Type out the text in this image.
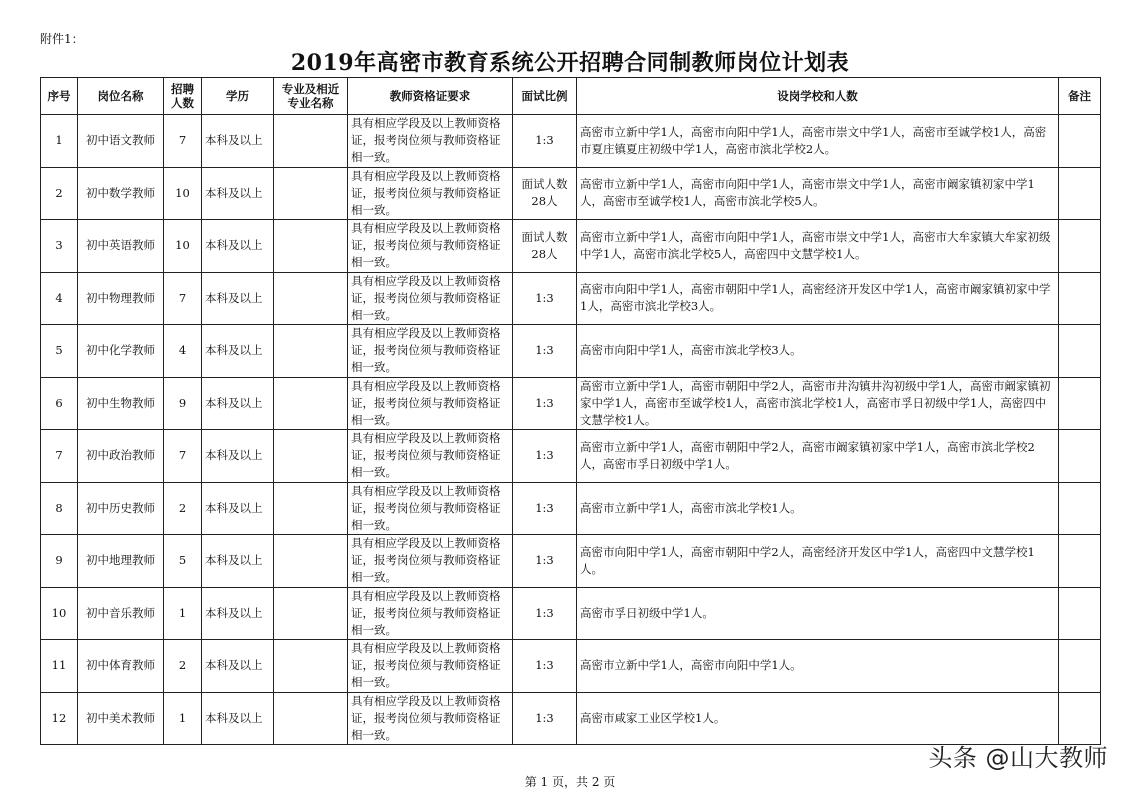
附件1：
2019年高密市教育系统公开招聘合同制教师岗位计划表
序号	岗位名称	招聘人数	学历	专业及相近专业名称	教师资格证要求	面试比例	设岗学校和人数	备注
1	初中语文教师	7	本科及以上		具有相应学段及以上教师资格证，报考岗位须与教师资格证相一致。	1:3	高密市立新中学1人，高密市向阳中学1人，高密市崇文中学1人，高密市至诚学校1人，高密市夏庄镇夏庄初级中学1人，高密市滨北学校2人。	
2	初中数学教师	10	本科及以上		具有相应学段及以上教师资格证，报考岗位须与教师资格证相一致。	面试人数28人	高密市立新中学1人，高密市向阳中学1人，高密市崇文中学1人，高密市阚家镇初家中学1人，高密市至诚学校1人，高密市滨北学校5人。	
3	初中英语教师	10	本科及以上		具有相应学段及以上教师资格证，报考岗位须与教师资格证相一致。	面试人数28人	高密市立新中学1人，高密市向阳中学1人，高密市崇文中学1人，高密市大牟家镇大牟家初级中学1人，高密市滨北学校5人，高密四中文慧学校1人。	
4	初中物理教师	7	本科及以上		具有相应学段及以上教师资格证，报考岗位须与教师资格证相一致。	1:3	高密市向阳中学1人，高密市朝阳中学1人，高密经济开发区中学1人，高密市阚家镇初家中学1人，高密市滨北学校3人。	
5	初中化学教师	4	本科及以上		具有相应学段及以上教师资格证，报考岗位须与教师资格证相一致。	1:3	高密市向阳中学1人，高密市滨北学校3人。	
6	初中生物教师	9	本科及以上		具有相应学段及以上教师资格证，报考岗位须与教师资格证相一致。	1:3	高密市立新中学1人，高密市朝阳中学2人，高密市井沟镇井沟初级中学1人，高密市阚家镇初家中学1人，高密市至诚学校1人，高密市滨北学校1人，高密市孚日初级中学1人，高密四中文慧学校1人。	
7	初中政治教师	7	本科及以上		具有相应学段及以上教师资格证，报考岗位须与教师资格证相一致。	1:3	高密市立新中学1人，高密市朝阳中学2人，高密市阚家镇初家中学1人，高密市滨北学校2人，高密市孚日初级中学1人。	
8	初中历史教师	2	本科及以上		具有相应学段及以上教师资格证，报考岗位须与教师资格证相一致。	1:3	高密市立新中学1人，高密市滨北学校1人。	
9	初中地理教师	5	本科及以上		具有相应学段及以上教师资格证，报考岗位须与教师资格证相一致。	1:3	高密市向阳中学1人，高密市朝阳中学2人，高密经济开发区中学1人，高密四中文慧学校1人。	
10	初中音乐教师	1	本科及以上		具有相应学段及以上教师资格证，报考岗位须与教师资格证相一致。	1:3	高密市孚日初级中学1人。	
11	初中体育教师	2	本科及以上		具有相应学段及以上教师资格证，报考岗位须与教师资格证相一致。	1:3	高密市立新中学1人，高密市向阳中学1人。	
12	初中美术教师	1	本科及以上		具有相应学段及以上教师资格证，报考岗位须与教师资格证相一致。	1:3	高密市咸家工业区学校1人。	
第 1 页，共 2 页
头条 @山大教师
